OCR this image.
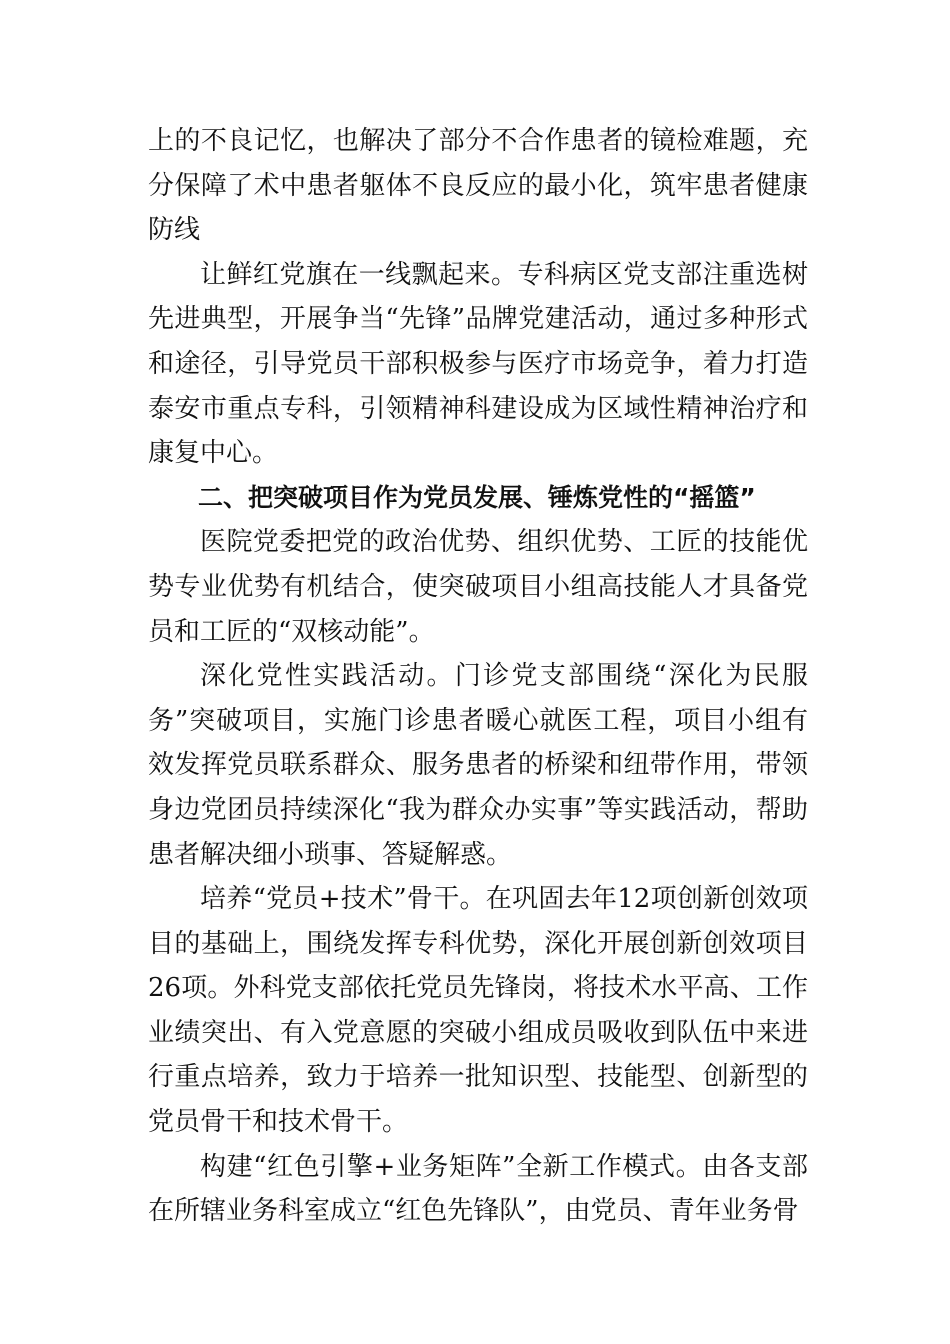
上的不良记忆，也解决了部分不合作患者的镜检难题，充分保障了术中患者躯体不良反应的最小化，筑牢患者健康防线

让鲜红党旗在一线飘起来。专科病区党支部注重选树先进典型，开展争当“先锋”品牌党建活动，通过多种形式和途径，引导党员干部积极参与医疗市场竞争，着力打造泰安市重点专科，引领精神科建设成为区域性精神治疗和康复中心。

二、把突破项目作为党员发展、锤炼党性的“摇篮”

医院党委把党的政治优势、组织优势、工匠的技能优势专业优势有机结合，使突破项目小组高技能人才具备党员和工匠的“双核动能”。

深化党性实践活动。门诊党支部围绕“深化为民服务”突破项目，实施门诊患者暖心就医工程，项目小组有效发挥党员联系群众、服务患者的桥梁和纽带作用，带领身边党团员持续深化“我为群众办实事”等实践活动，帮助患者解决细小琐事、答疑解惑。

培养“党员+技术”骨干。在巩固去年12项创新创效项目的基础上，围绕发挥专科优势，深化开展创新创效项目26项。外科党支部依托党员先锋岗，将技术水平高、工作业绩突出、有入党意愿的突破小组成员吸收到队伍中来进行重点培养，致力于培养一批知识型、技能型、创新型的党员骨干和技术骨干。

构建“红色引擎+业务矩阵”全新工作模式。由各支部在所辖业务科室成立“红色先锋队”，由党员、青年业务骨
